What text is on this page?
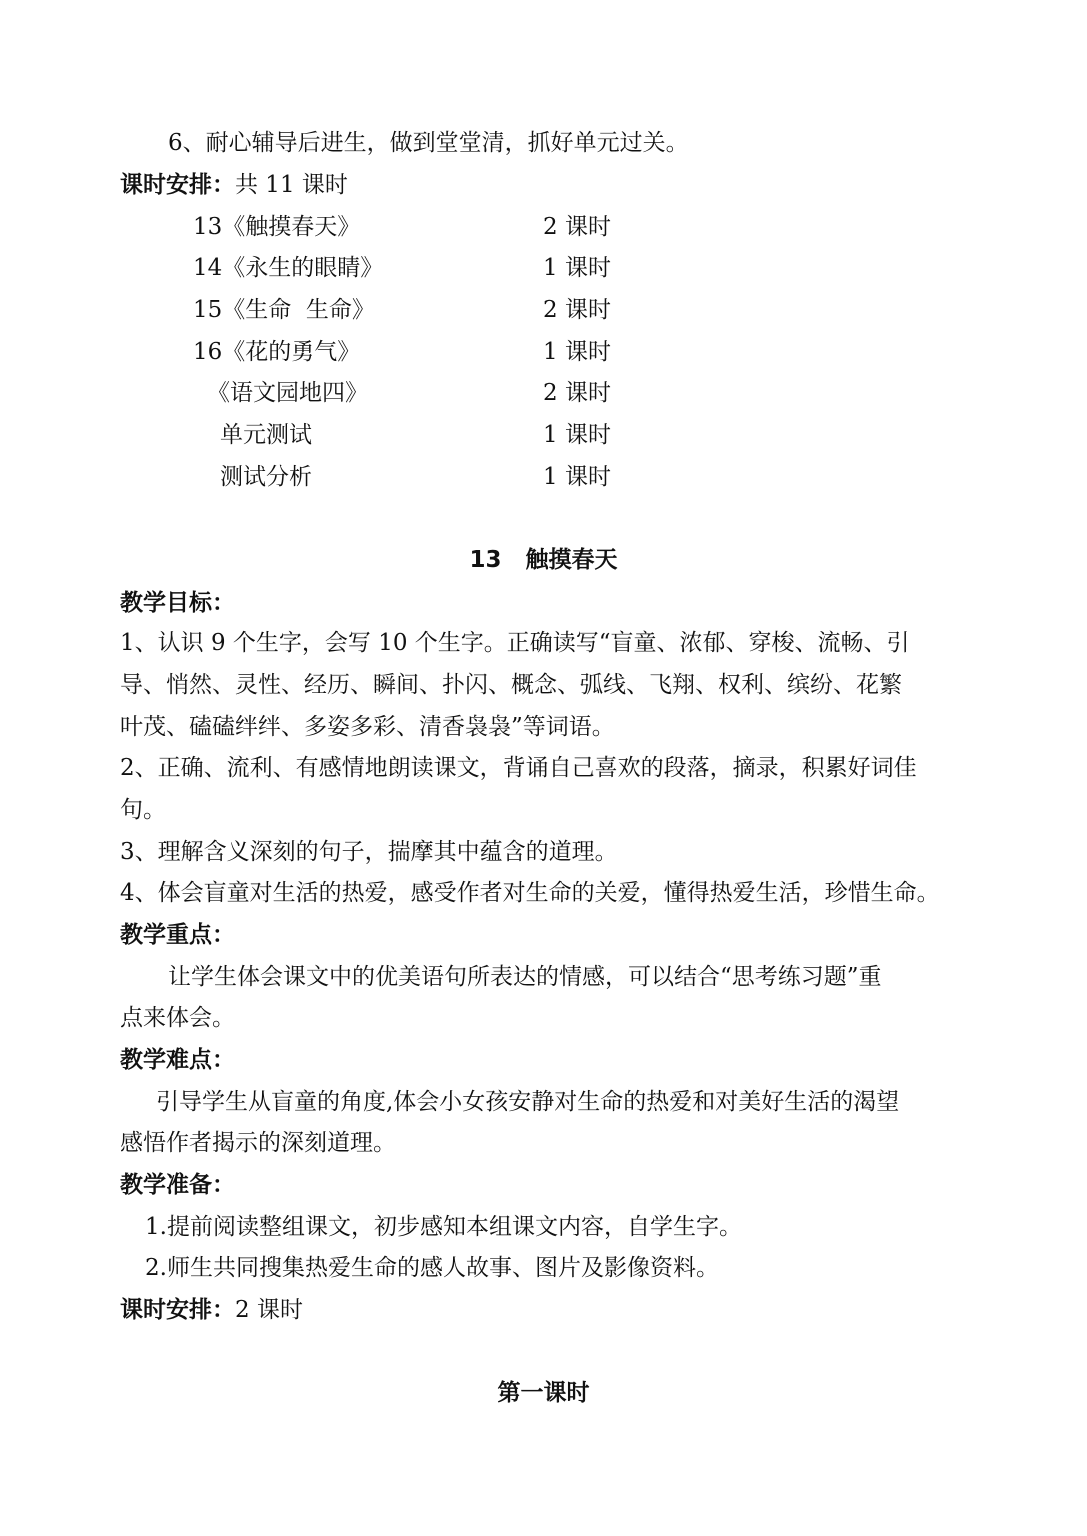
6、耐心辅导后进生，做到堂堂清，抓好单元过关。
课时安排：共 11 课时
13《触摸春天》	2 课时
14《永生的眼睛》	1 课时
15《生命  生命》	2 课时
16《花的勇气》	1 课时
《语文园地四》	2 课时
单元测试	1 课时
测试分析	1 课时
13   触摸春天
教学目标：
1、认识 9 个生字，会写 10 个生字。正确读写“盲童、浓郁、穿梭、流畅、引
导、悄然、灵性、经历、瞬间、扑闪、概念、弧线、飞翔、权利、缤纷、花繁
叶茂、磕磕绊绊、多姿多彩、清香袅袅”等词语。
2、正确、流利、有感情地朗读课文，背诵自己喜欢的段落，摘录，积累好词佳
句。
3、理解含义深刻的句子，揣摩其中蕴含的道理。
4、体会盲童对生活的热爱，感受作者对生命的关爱，懂得热爱生活，珍惜生命。
教学重点：
让学生体会课文中的优美语句所表达的情感，可以结合“思考练习题”重
点来体会。
教学难点：
引导学生从盲童的角度,体会小女孩安静对生命的热爱和对美好生活的渴望
感悟作者揭示的深刻道理。
教学准备：
1.提前阅读整组课文，初步感知本组课文内容，自学生字。
2.师生共同搜集热爱生命的感人故事、图片及影像资料。
课时安排：2 课时
第一课时
